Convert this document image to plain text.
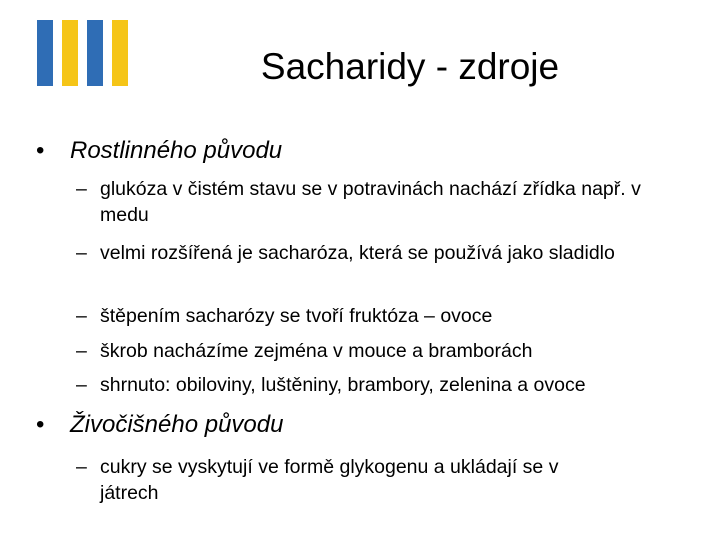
Sacharidy - zdroje
• Rostlinného původu
– glukóza v čistém stavu se v potravinách nachází zřídka např. v medu
– velmi rozšířená je sacharóza, která se používá jako sladidlo
– štěpením sacharózy se tvoří fruktóza – ovoce
– škrob nacházíme zejména v mouce a bramborách
– shrnuto: obiloviny, luštěniny, brambory, zelenina a ovoce
• Živočišného původu
– cukry se vyskytují ve formě glykogenu a ukládají se v játrech
